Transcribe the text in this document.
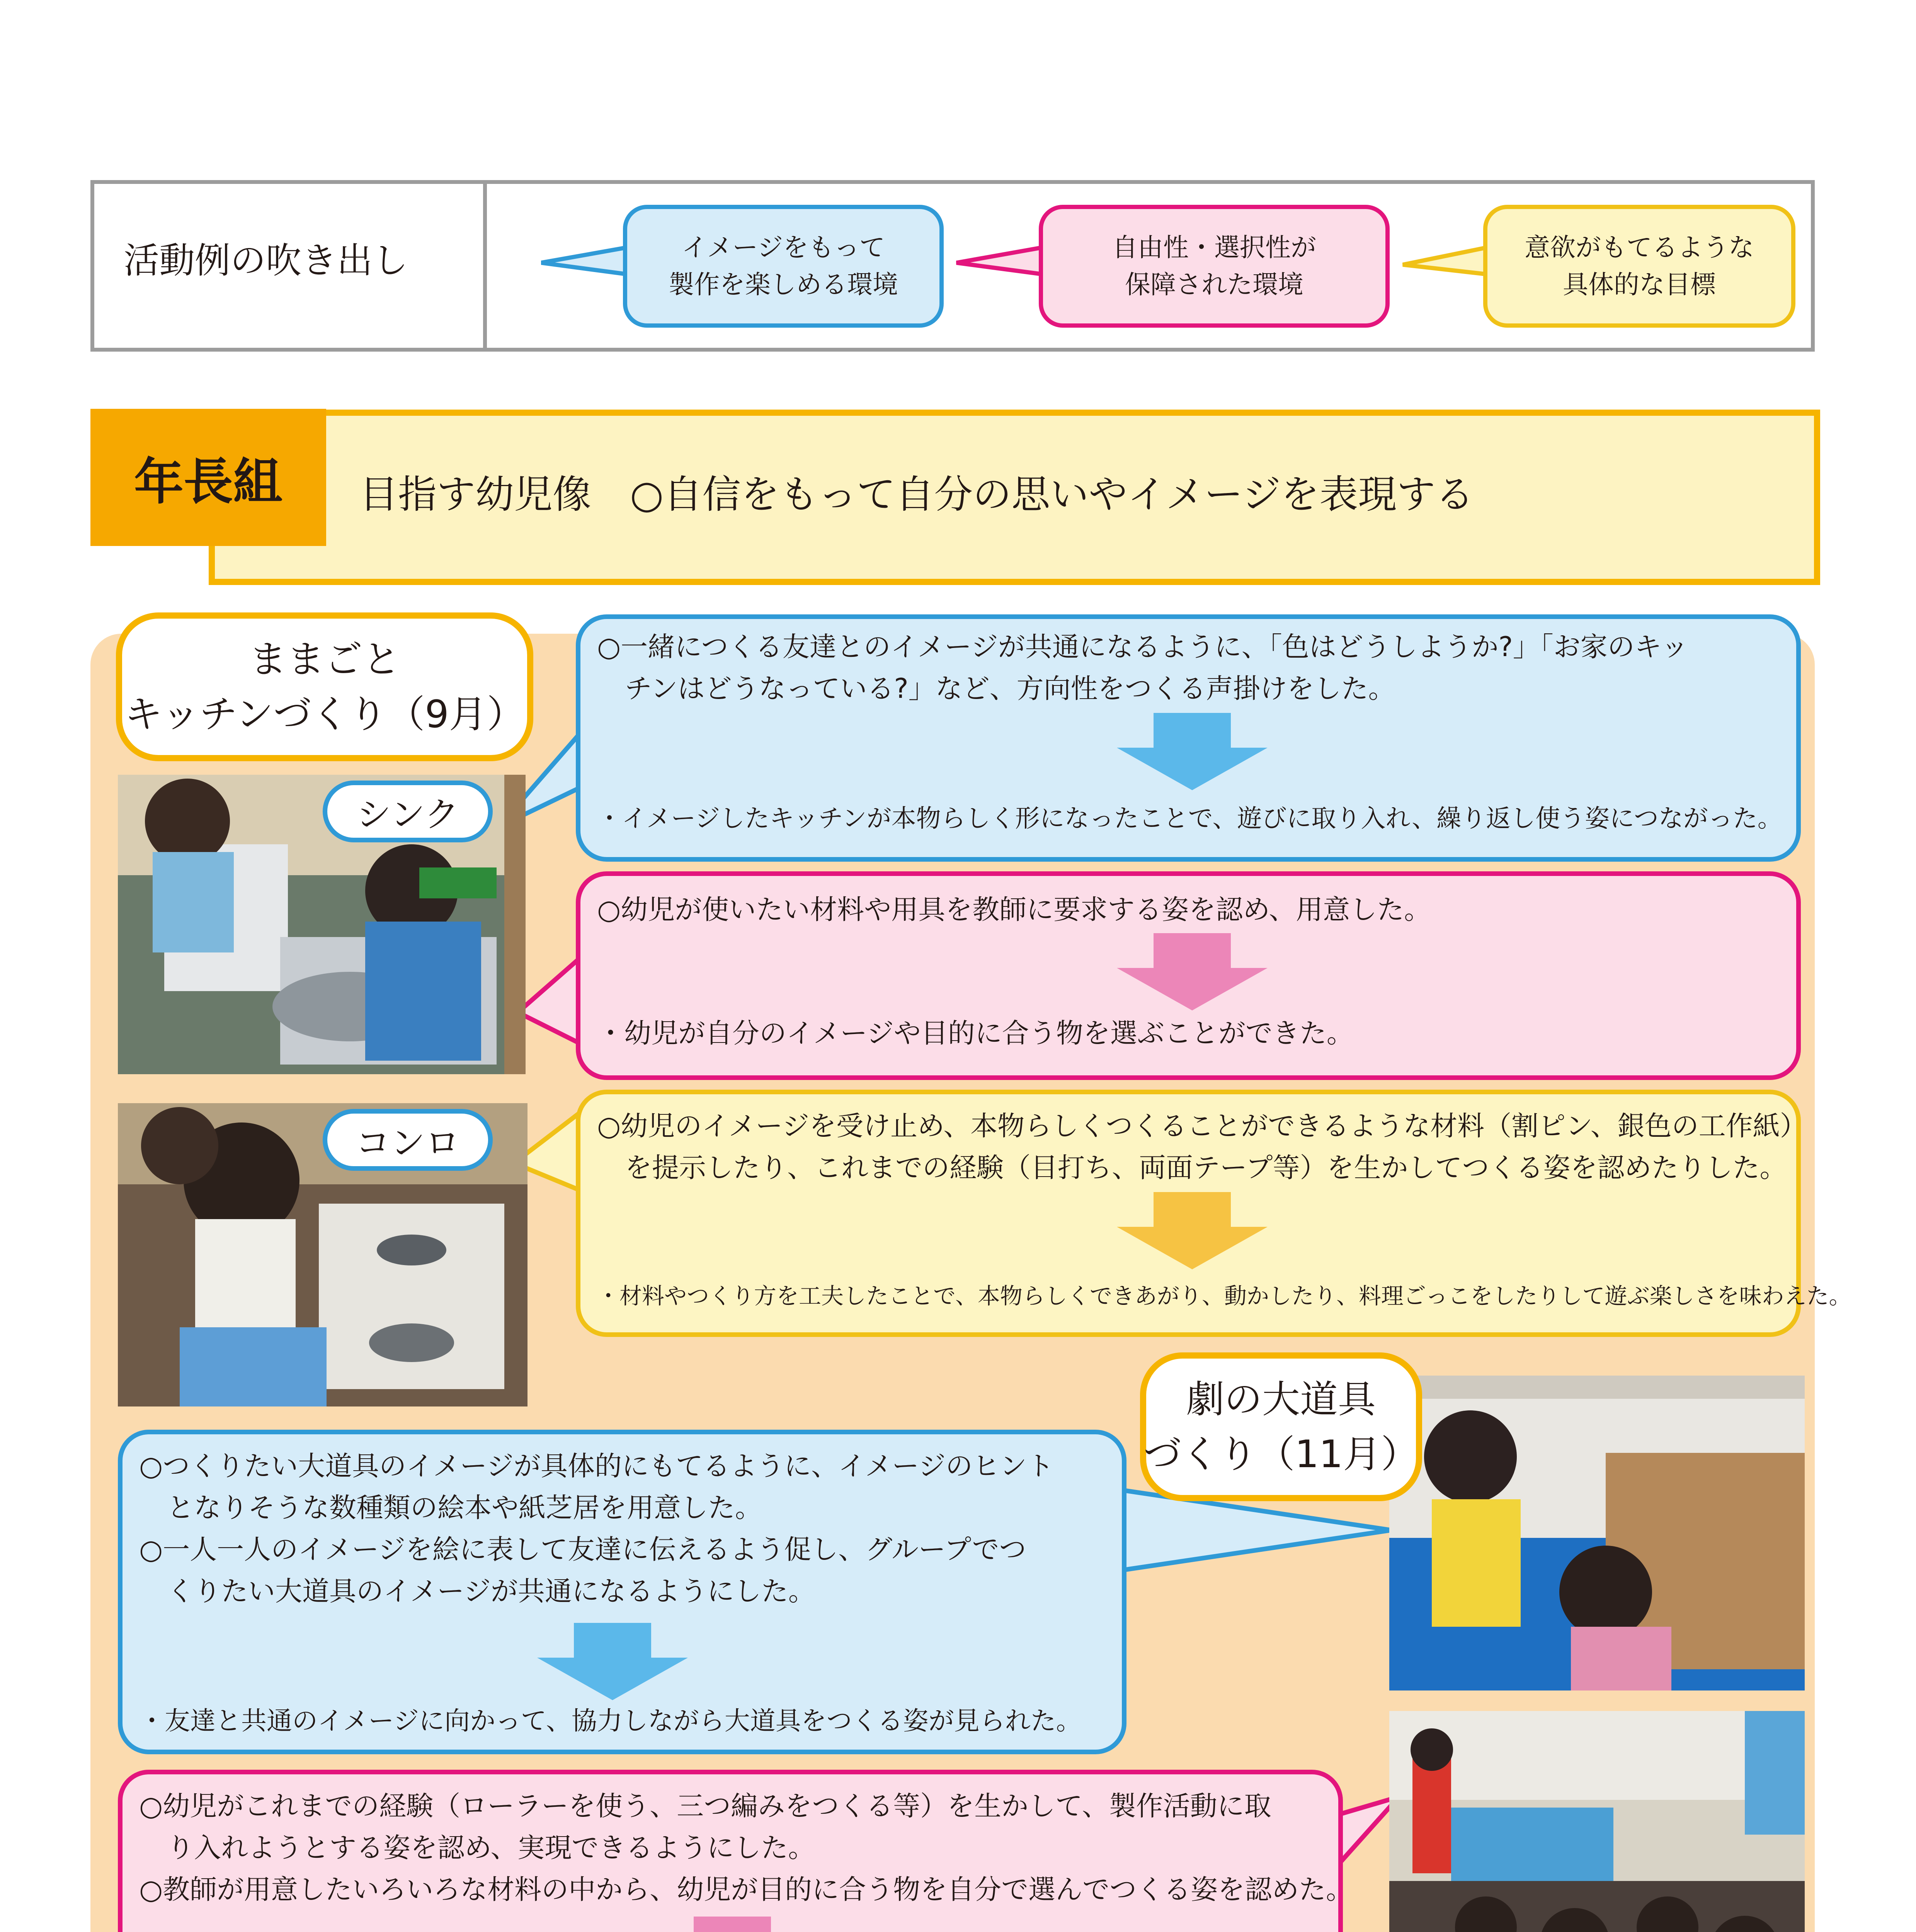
活動例の吹き出し	イメージをもって
製作を楽しめる環境
自由性・選択性が
保障された環境
意欲がもてるような
具体的な目標
年長組	目指す幼児像　○自信をもって自分の思いやイメージを表現する
ままごと
キッチンづくり（9月）
シンク
コンロ
劇の大道具
づくり（11月）

○一緒につくる友達とのイメージが共通になるように、「色はどうしようか?」「お家のキッ

チンはどうなっている?」など、方向性をつくる声掛けをした。

・イメージしたキッチンが本物らしく形になったことで、遊びに取り入れ、繰り返し使う姿につながった。
○幼児が使いたい材料や用具を教師に要求する姿を認め、用意した。
・幼児が自分のイメージや目的に合う物を選ぶことができた。

○幼児のイメージを受け止め、本物らしくつくることができるような材料（割ピン、銀色の工作紙）

を提示したり、これまでの経験（目打ち、両面テープ等）を生かしてつくる姿を認めたりした。

・材料やつくり方を工夫したことで、本物らしくできあがり、動かしたり、料理ごっこをしたりして遊ぶ楽しさを味わえた。

○つくりたい大道具のイメージが具体的にもてるように、イメージのヒント

となりそうな数種類の絵本や紙芝居を用意した。

○一人一人のイメージを絵に表して友達に伝えるよう促し、グループでつ

くりたい大道具のイメージが共通になるようにした。

・友達と共通のイメージに向かって、協力しながら大道具をつくる姿が見られた。

○幼児がこれまでの経験（ローラーを使う、三つ編みをつくる等）を生かして、製作活動に取

り入れようとする姿を認め、実現できるようにした。

○教師が用意したいろいろな材料の中から、幼児が目的に合う物を自分で選んでつくる姿を認めた。
